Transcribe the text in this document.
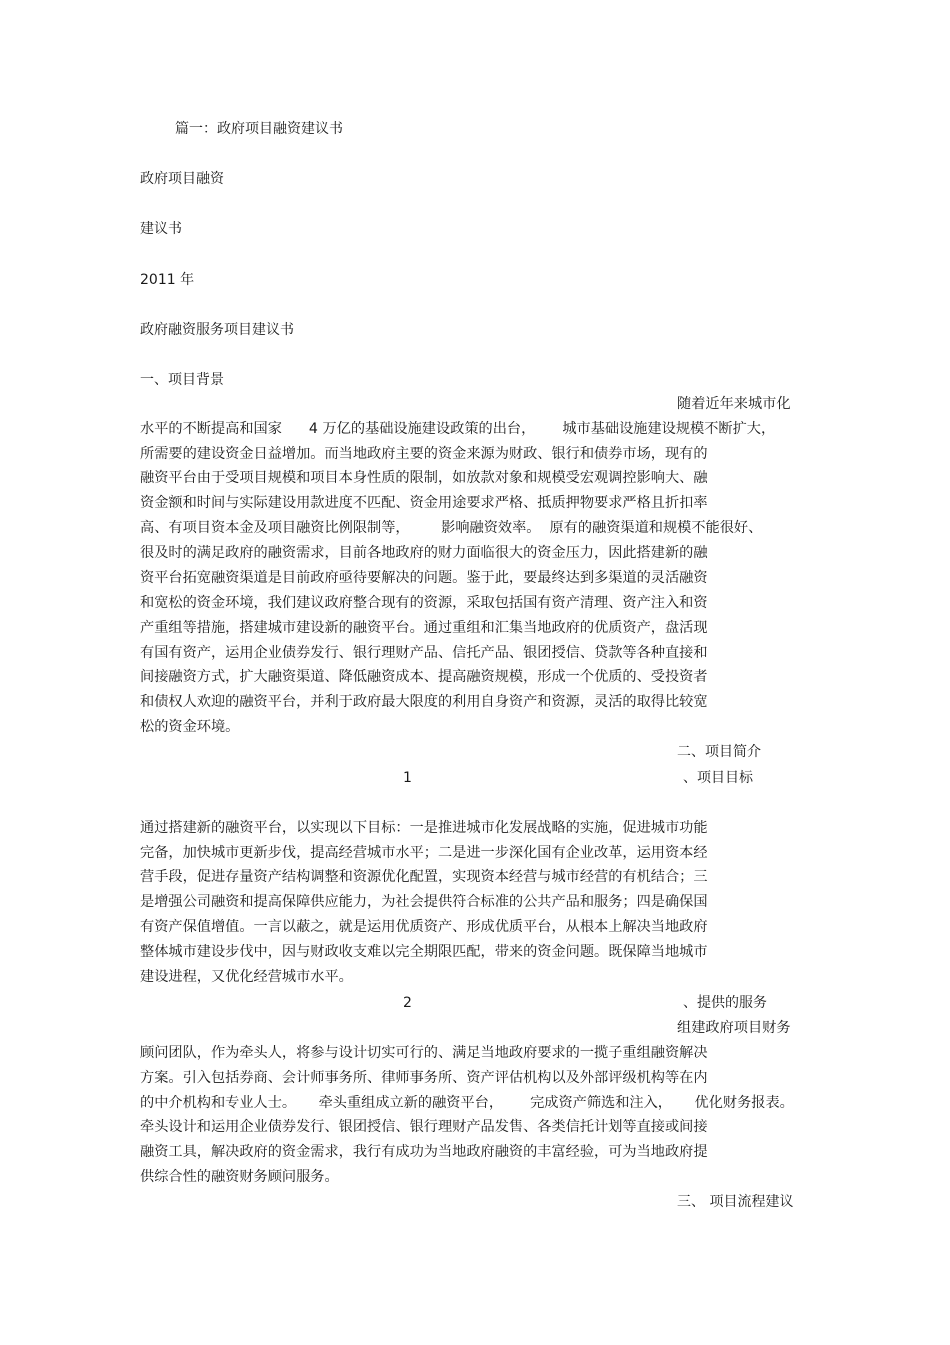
篇一：政府项目融资建议书
政府项目融资
建议书
2011 年
政府融资服务项目建议书
一、项目背景
随着近年来城市化
水平的不断提高和国家      4 万亿的基础设施建设政策的出台，      城市基础设施建设规模不断扩大，
所需要的建设资金日益增加。而当地政府主要的资金来源为财政、银行和债券市场，现有的
融资平台由于受项目规模和项目本身性质的限制，如放款对象和规模受宏观调控影响大、融
资金额和时间与实际建设用款进度不匹配、资金用途要求严格、抵质押物要求严格且折扣率
高、有项目资本金及项目融资比例限制等，       影响融资效率。  原有的融资渠道和规模不能很好、
很及时的满足政府的融资需求，目前各地政府的财力面临很大的资金压力，因此搭建新的融
资平台拓宽融资渠道是目前政府亟待要解决的问题。鉴于此，要最终达到多渠道的灵活融资
和宽松的资金环境，我们建议政府整合现有的资源，采取包括国有资产清理、资产注入和资
产重组等措施，搭建城市建设新的融资平台。通过重组和汇集当地政府的优质资产，盘活现
有国有资产，运用企业债券发行、银行理财产品、信托产品、银团授信、贷款等各种直接和
间接融资方式，扩大融资渠道、降低融资成本、提高融资规模，形成一个优质的、受投资者
和债权人欢迎的融资平台，并利于政府最大限度的利用自身资产和资源，灵活的取得比较宽
松的资金环境。
二、项目简介
1	、项目目标
通过搭建新的融资平台，以实现以下目标：一是推进城市化发展战略的实施，促进城市功能
完备，加快城市更新步伐，提高经营城市水平；二是进一步深化国有企业改革，运用资本经
营手段，促进存量资产结构调整和资源优化配置，实现资本经营与城市经营的有机结合；三
是增强公司融资和提高保障供应能力，为社会提供符合标准的公共产品和服务；四是确保国
有资产保值增值。一言以蔽之，就是运用优质资产、形成优质平台，从根本上解决当地政府
整体城市建设步伐中，因与财政收支难以完全期限匹配，带来的资金问题。既保障当地城市
建设进程，又优化经营城市水平。
2	、提供的服务
组建政府项目财务
顾问团队，作为牵头人，将参与设计切实可行的、满足当地政府要求的一揽子重组融资解决
方案。引入包括券商、会计师事务所、律师事务所、资产评估机构以及外部评级机构等在内
的中介机构和专业人士。     牵头重组成立新的融资平台，      完成资产筛选和注入，     优化财务报表。
牵头设计和运用企业债券发行、银团授信、银行理财产品发售、各类信托计划等直接或间接
融资工具，解决政府的资金需求，我行有成功为当地政府融资的丰富经验，可为当地政府提
供综合性的融资财务顾问服务。
三、 项目流程建议
